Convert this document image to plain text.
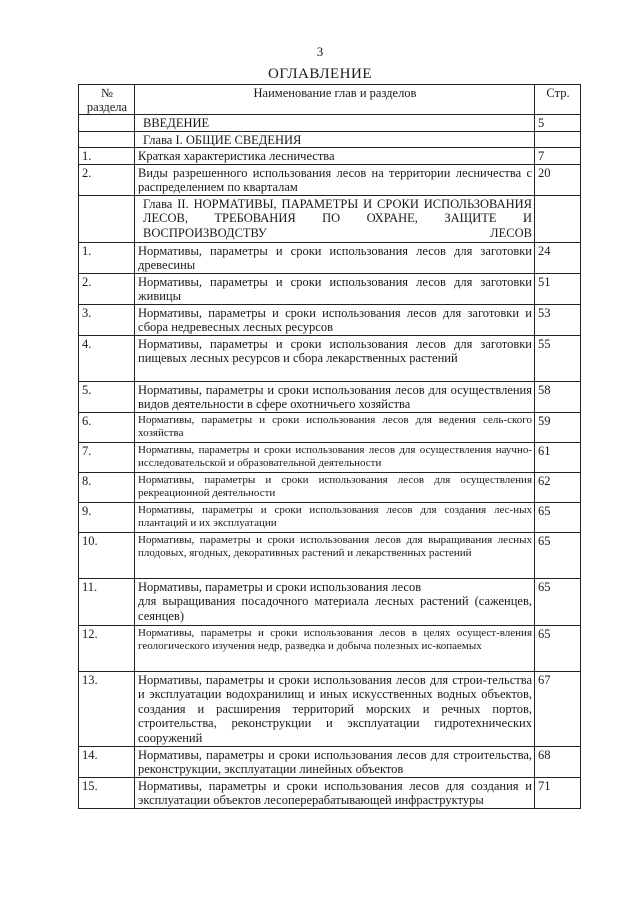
3
ОГЛАВЛЕНИЕ
№
раздела	Наименование глав и разделов	Стр.
	ВВЕДЕНИЕ	5
	Глава I. ОБЩИЕ СВЕДЕНИЯ	
1.	Краткая характеристика лесничества	7
2.	Виды разрешенного использования лесов на территории лесничества с распределением по кварталам	20
	Глава II. НОРМАТИВЫ, ПАРАМЕТРЫ И СРОКИ ИСПОЛЬЗОВАНИЯ ЛЕСОВ, ТРЕБОВАНИЯ ПО ОХРАНЕ, ЗАЩИТЕ И ВОСПРОИЗВОДСТВУ ЛЕСОВ	
1.	Нормативы, параметры и сроки использования лесов для заготовки древесины	24
2.	Нормативы, параметры и сроки использования лесов для заготовки живицы	51
3.	Нормативы, параметры и сроки использования лесов для заготовки и сбора недревесных лесных ресурсов	53
4.	Нормативы, параметры и сроки использования лесов для заготовки пищевых лесных ресурсов и сбора лекарственных растений	55
5.	Нормативы, параметры и сроки использования лесов для осуществления видов деятельности в сфере охотничьего хозяйства	58
6.	Нормативы, параметры и сроки использования лесов для ведения сель-ского хозяйства	59
7.	Нормативы, параметры и сроки использования лесов для осуществления научно-исследовательской и образовательной деятельности	61
8.	Нормативы, параметры и сроки использования лесов для осуществления рекреационной деятельности	62
9.	Нормативы, параметры и сроки использования лесов для создания лес-ных плантаций и их эксплуатации	65
10.	Нормативы, параметры и сроки использования лесов для выращивания лесных плодовых, ягодных, декоративных растений и лекарственных растений	65
11.	Нормативы, параметры и сроки использования лесов
для выращивания посадочного материала лесных растений (саженцев, сеянцев)	65
12.	Нормативы, параметры и сроки использования лесов в целях осущест-вления геологического изучения недр, разведка и добыча полезных ис-копаемых	65
13.	Нормативы, параметры и сроки использования лесов для строи-тельства и эксплуатации водохранилищ и иных искусственных водных объектов, создания и расширения территорий морских и речных портов, строительства, реконструкции и эксплуатации гидротехнических сооружений	67
14.	Нормативы, параметры и сроки использования лесов для строительства, реконструкции, эксплуатации линейных объектов	68
15.	Нормативы, параметры и сроки использования лесов для создания и эксплуатации объектов лесоперерабатывающей инфраструктуры	71
